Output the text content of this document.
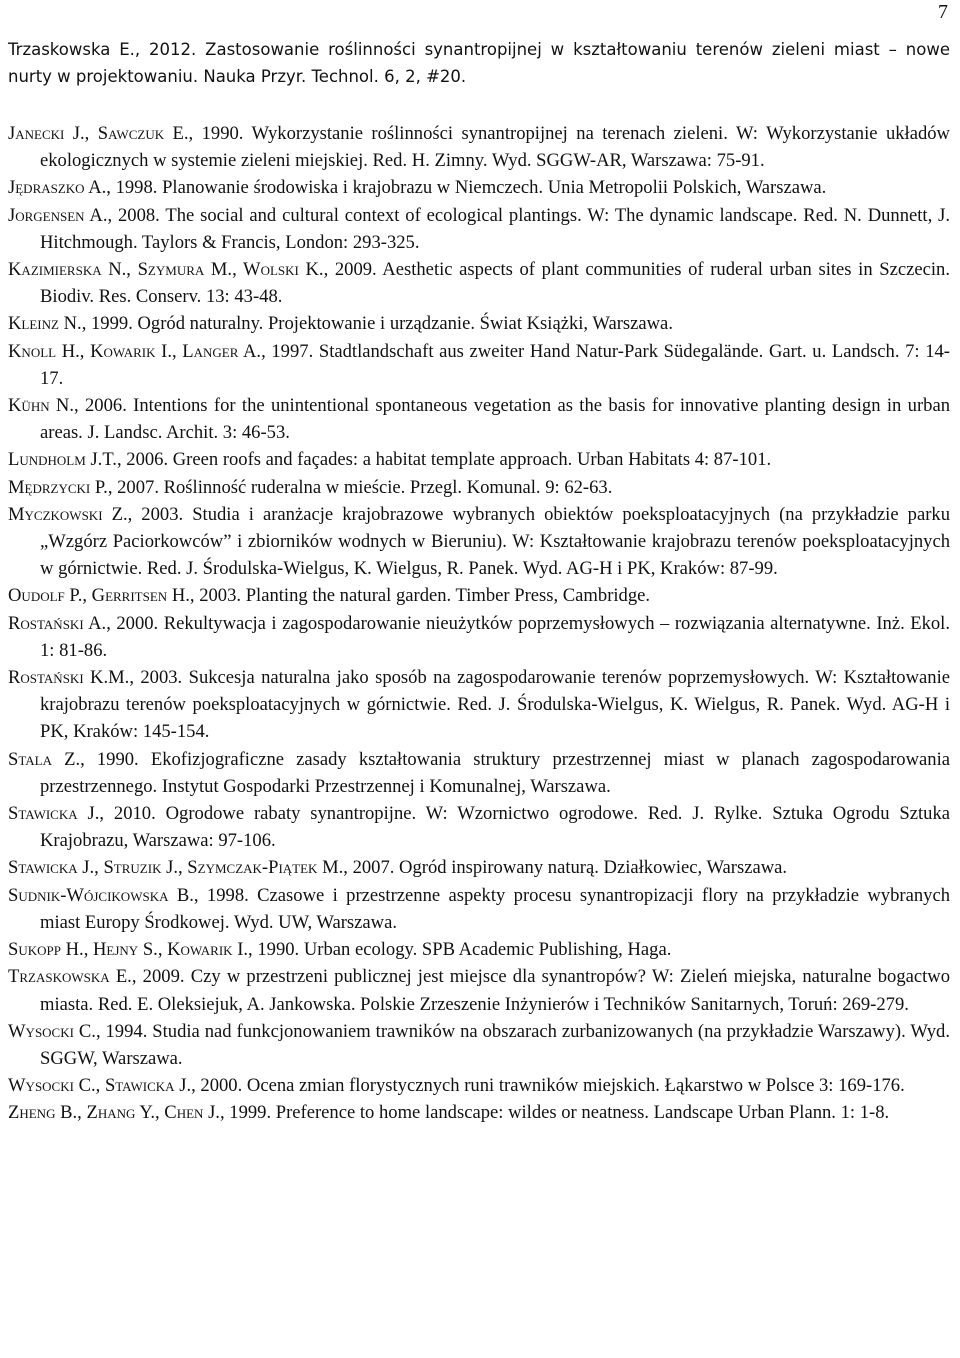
7
Trzaskowska E., 2012. Zastosowanie roślinności synantropijnej w kształtowaniu terenów zieleni miast – nowe nurty w projektowaniu. Nauka Przyr. Technol. 6, 2, #20.
Janecki J., Sawczuk E., 1990. Wykorzystanie roślinności synantropijnej na terenach zieleni. W: Wykorzystanie układów ekologicznych w systemie zieleni miejskiej. Red. H. Zimny. Wyd. SGGW-AR, Warszawa: 75-91.
Jędraszko A., 1998. Planowanie środowiska i krajobrazu w Niemczech. Unia Metropolii Polskich, Warszawa.
Jorgensen A., 2008. The social and cultural context of ecological plantings. W: The dynamic landscape. Red. N. Dunnett, J. Hitchmough. Taylors & Francis, London: 293-325.
Kazimierska N., Szymura M., Wolski K., 2009. Aesthetic aspects of plant communities of ruderal urban sites in Szczecin. Biodiv. Res. Conserv. 13: 43-48.
Kleinz N., 1999. Ogród naturalny. Projektowanie i urządzanie. Świat Książki, Warszawa.
Knoll H., Kowarik I., Langer A., 1997. Stadtlandschaft aus zweiter Hand Natur-Park Südegalände. Gart. u. Landsch. 7: 14-17.
Kühn N., 2006. Intentions for the unintentional spontaneous vegetation as the basis for innovative planting design in urban areas. J. Landsc. Archit. 3: 46-53.
Lundholm J.T., 2006. Green roofs and façades: a habitat template approach. Urban Habitats 4: 87-101.
Mędrzycki P., 2007. Roślinność ruderalna w mieście. Przegl. Komunal. 9: 62-63.
Myczkowski Z., 2003. Studia i aranżacje krajobrazowe wybranych obiektów poeksploatacyjnych (na przykładzie parku „Wzgórz Paciorkowców” i zbiorników wodnych w Bieruniu). W: Kształtowanie krajobrazu terenów poeksploatacyjnych w górnictwie. Red. J. Środulska-Wielgus, K. Wielgus, R. Panek. Wyd. AG-H i PK, Kraków: 87-99.
Oudolf P., Gerritsen H., 2003. Planting the natural garden. Timber Press, Cambridge.
Rostański A., 2000. Rekultywacja i zagospodarowanie nieużytków poprzemysłowych – rozwiązania alternatywne. Inż. Ekol. 1: 81-86.
Rostański K.M., 2003. Sukcesja naturalna jako sposób na zagospodarowanie terenów poprzemysłowych. W: Kształtowanie krajobrazu terenów poeksploatacyjnych w górnictwie. Red. J. Środulska-Wielgus, K. Wielgus, R. Panek. Wyd. AG-H i PK, Kraków: 145-154.
Stala Z., 1990. Ekofizjograficzne zasady kształtowania struktury przestrzennej miast w planach zagospodarowania przestrzennego. Instytut Gospodarki Przestrzennej i Komunalnej, Warszawa.
Stawicka J., 2010. Ogrodowe rabaty synantropijne. W: Wzornictwo ogrodowe. Red. J. Rylke. Sztuka Ogrodu Sztuka Krajobrazu, Warszawa: 97-106.
Stawicka J., Struzik J., Szymczak-Piątek M., 2007. Ogród inspirowany naturą. Działkowiec, Warszawa.
Sudnik-Wójcikowska B., 1998. Czasowe i przestrzenne aspekty procesu synantropizacji flory na przykładzie wybranych miast Europy Środkowej. Wyd. UW, Warszawa.
Sukopp H., Hejny S., Kowarik I., 1990. Urban ecology. SPB Academic Publishing, Haga.
Trzaskowska E., 2009. Czy w przestrzeni publicznej jest miejsce dla synantropów? W: Zieleń miejska, naturalne bogactwo miasta. Red. E. Oleksiejuk, A. Jankowska. Polskie Zrzeszenie Inżynierów i Techników Sanitarnych, Toruń: 269-279.
Wysocki C., 1994. Studia nad funkcjonowaniem trawników na obszarach zurbanizowanych (na przykładzie Warszawy). Wyd. SGGW, Warszawa.
Wysocki C., Stawicka J., 2000. Ocena zmian florystycznych runi trawników miejskich. Łąkarstwo w Polsce 3: 169-176.
Zheng B., Zhang Y., Chen J., 1999. Preference to home landscape: wildes or neatness. Landscape Urban Plann. 1: 1-8.
